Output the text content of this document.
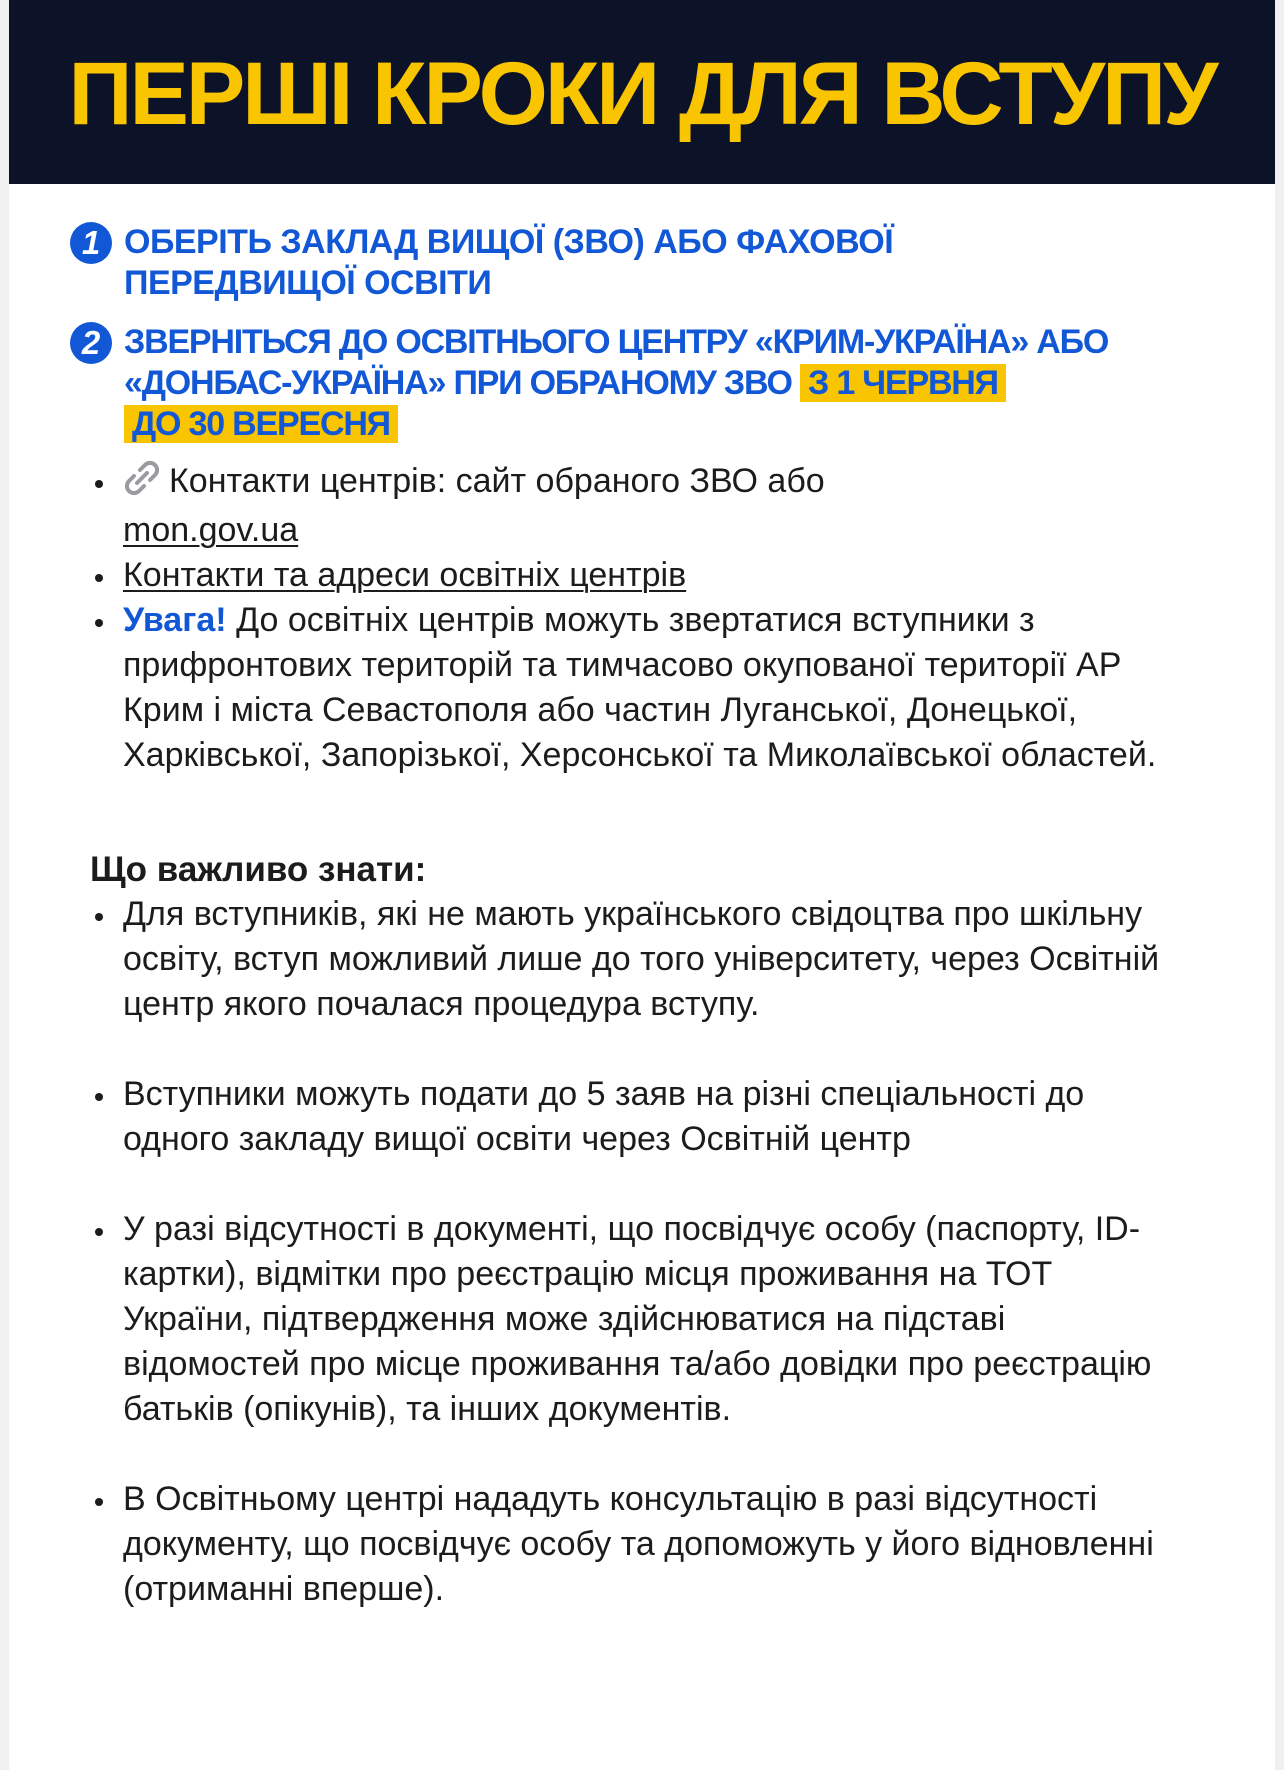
ПЕРШІ КРОКИ ДЛЯ ВСТУПУ
1 ОБЕРІТЬ ЗАКЛАД ВИЩОЇ (ЗВО) АБО ФАХОВОЇ ПЕРЕДВИЩОЇ ОСВІТИ
2 ЗВЕРНІТЬСЯ ДО ОСВІТНЬОГО ЦЕНТРУ «КРИМ-УКРАЇНА» АБО «ДОНБАС-УКРАЇНА» ПРИ ОБРАНОМУ ЗВО З 1 ЧЕРВНЯ
ДО 30 ВЕРЕСНЯ
Контакти центрів: сайт обраного ЗВО або
mon.gov.ua
Контакти та адреси освітніх центрів
Увага! До освітніх центрів можуть звертатися вступники з прифронтових територій та тимчасово окупованої території АР Крим і міста Севастополя або частин Луганської, Донецької, Харківської, Запорізької, Херсонської та Миколаївської областей.
Що важливо знати:
Для вступників, які не мають українського свідоцтва про шкільну освіту, вступ можливий лише до того університету, через Освітній центр якого почалася процедура вступу.
Вступники можуть подати до 5 заяв на різні спеціальності до одного закладу вищої освіти через Освітній центр
У разі відсутності в документі, що посвідчує особу (паспорту, ID-картки), відмітки про реєстрацію місця проживання на ТОТ України, підтвердження може здійснюватися на підставі відомостей про місце проживання та/або довідки про реєстрацію батьків (опікунів), та інших документів.
В Освітньому центрі нададуть консультацію в разі відсутності документу, що посвідчує особу та допоможуть у його відновленні (отриманні вперше).
